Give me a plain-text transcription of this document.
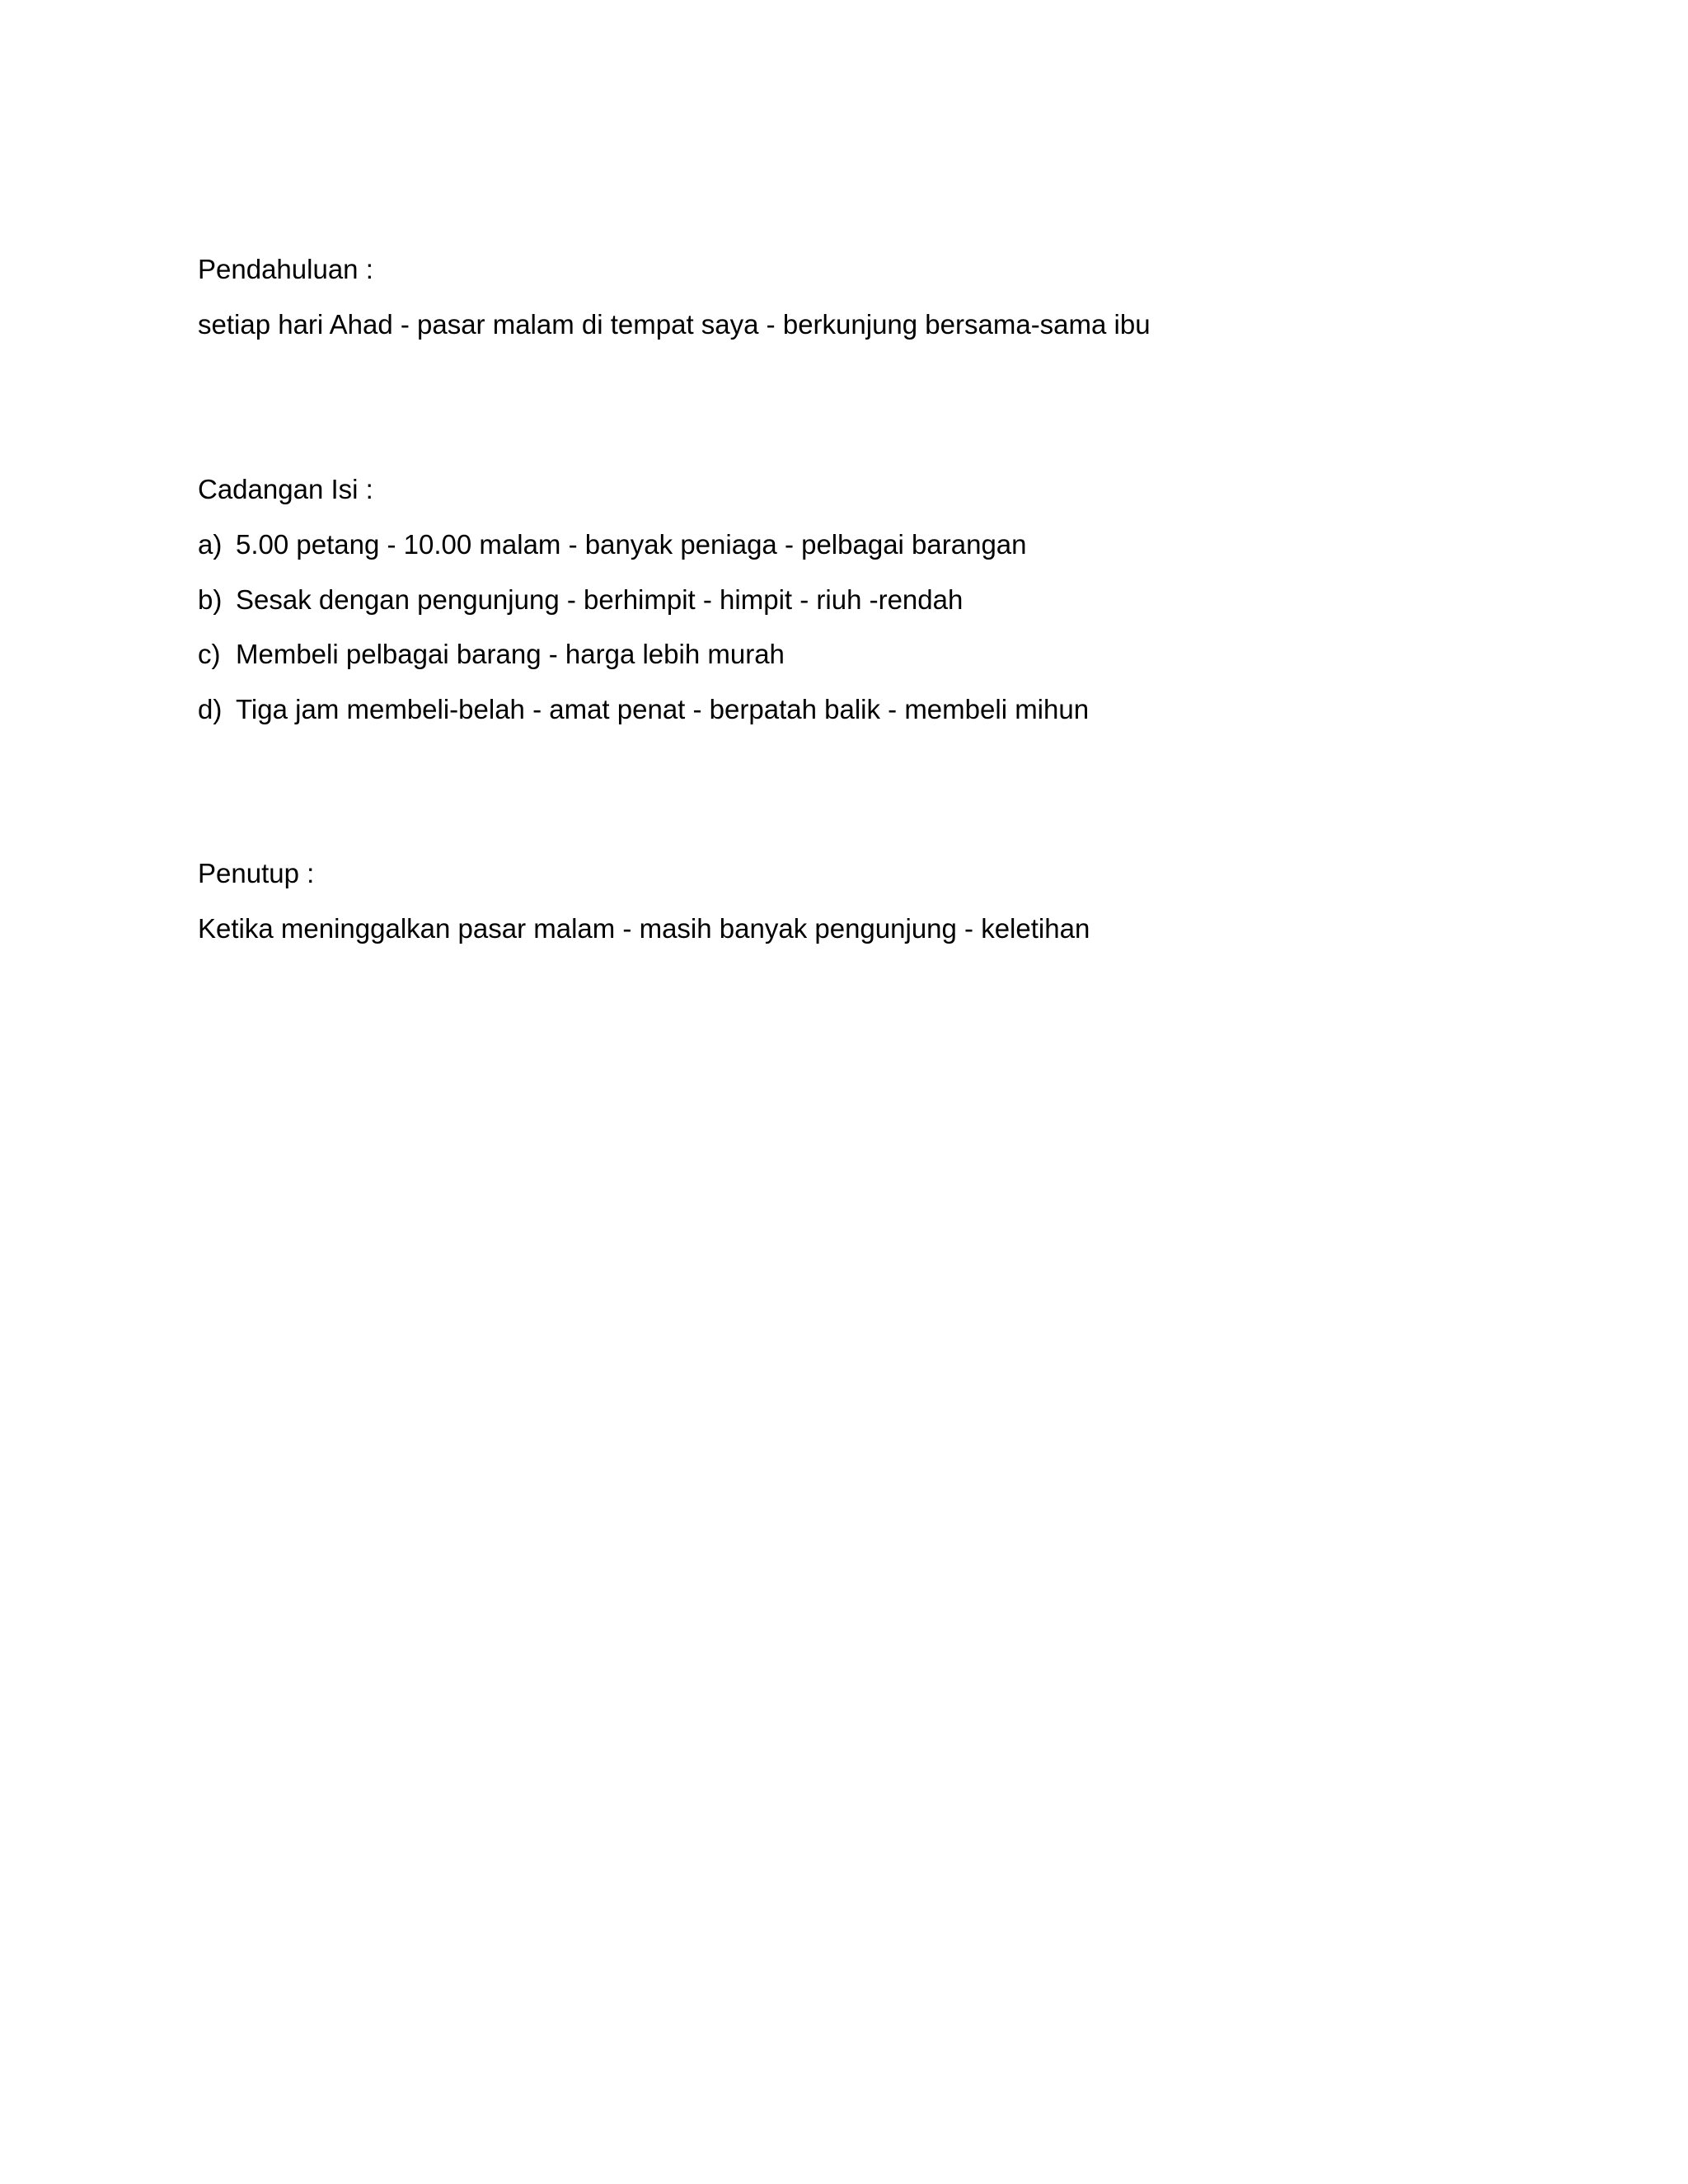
Pendahuluan :
setiap hari Ahad - pasar malam di tempat saya - berkunjung bersama-sama ibu
Cadangan Isi :
a) 5.00 petang - 10.00 malam - banyak peniaga - pelbagai barangan
b) Sesak dengan pengunjung - berhimpit - himpit - riuh -rendah
c) Membeli pelbagai barang - harga lebih murah
d) Tiga jam membeli-belah - amat penat - berpatah balik - membeli mihun
Penutup :
Ketika meninggalkan pasar malam - masih banyak pengunjung - keletihan
